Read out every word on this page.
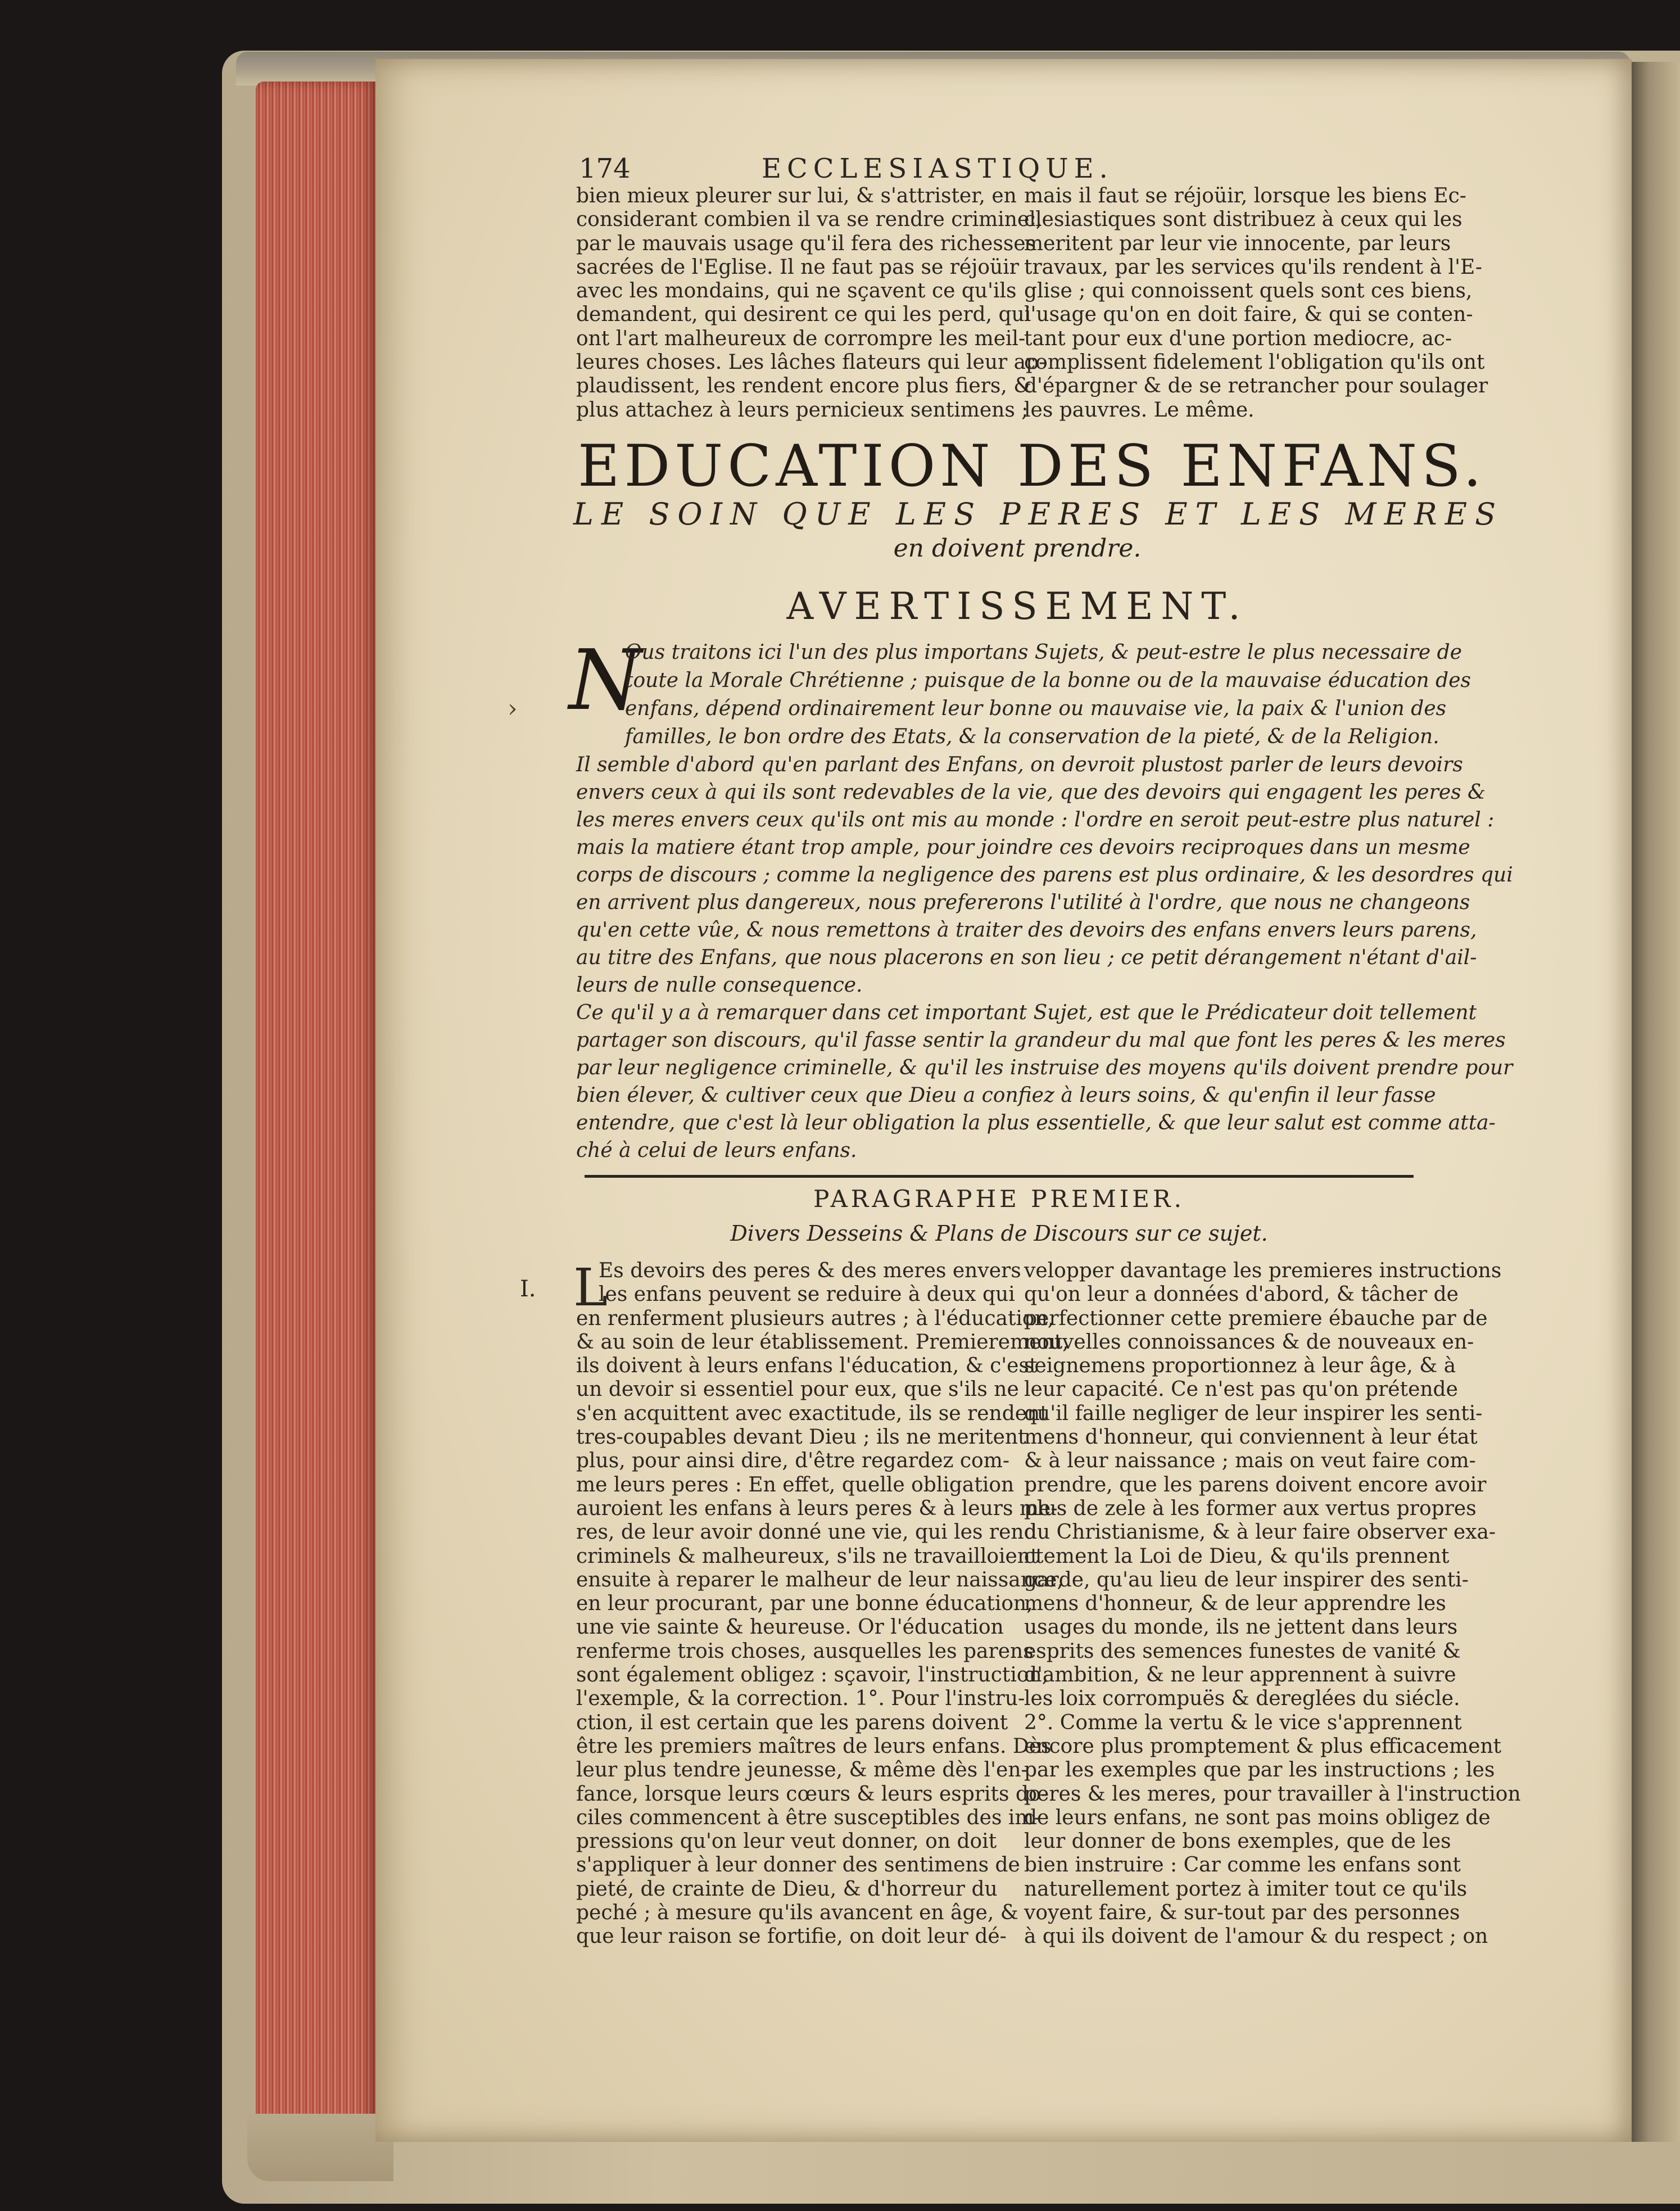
174	ECCLESIASTIQUE.
bien mieux pleurer sur lui, & s'attrister, en
considerant combien il va se rendre criminel,
par le mauvais usage qu'il fera des richesses
sacrées de l'Eglise. Il ne faut pas se réjoüir
avec les mondains, qui ne sçavent ce qu'ils
demandent, qui desirent ce qui les perd, qui
ont l'art malheureux de corrompre les meil-
leures choses. Les lâches flateurs qui leur ap-
plaudissent, les rendent encore plus fiers, &
plus attachez à leurs pernicieux sentimens ;
mais il faut se réjoüir, lorsque les biens Ec-
clesiastiques sont distribuez à ceux qui les
meritent par leur vie innocente, par leurs
travaux, par les services qu'ils rendent à l'E-
glise ; qui connoissent quels sont ces biens,
l'usage qu'on en doit faire, & qui se conten-
tant pour eux d'une portion mediocre, ac-
complissent fidelement l'obligation qu'ils ont
d'épargner & de se retrancher pour soulager
les pauvres. Le même.
EDUCATION DES ENFANS.
LE SOIN QUE LES PERES ET LES MERES
en doivent prendre.
AVERTISSEMENT.
N
›
Ous traitons ici l'un des plus importans Sujets, & peut-estre le plus necessaire de
toute la Morale Chrétienne ; puisque de la bonne ou de la mauvaise éducation des
enfans, dépend ordinairement leur bonne ou mauvaise vie, la paix & l'union des
familles, le bon ordre des Etats, & la conservation de la pieté, & de la Religion.
Il semble d'abord qu'en parlant des Enfans, on devroit plustost parler de leurs devoirs
envers ceux à qui ils sont redevables de la vie, que des devoirs qui engagent les peres &
les meres envers ceux qu'ils ont mis au monde : l'ordre en seroit peut-estre plus naturel :
mais la matiere étant trop ample, pour joindre ces devoirs reciproques dans un mesme
corps de discours ; comme la negligence des parens est plus ordinaire, & les desordres qui
en arrivent plus dangereux, nous prefererons l'utilité à l'ordre, que nous ne changeons
qu'en cette vûe, & nous remettons à traiter des devoirs des enfans envers leurs parens,
au titre des Enfans, que nous placerons en son lieu ; ce petit dérangement n'étant d'ail-
leurs de nulle consequence.
Ce qu'il y a à remarquer dans cet important Sujet, est que le Prédicateur doit tellement
partager son discours, qu'il fasse sentir la grandeur du mal que font les peres & les meres
par leur negligence criminelle, & qu'il les instruise des moyens qu'ils doivent prendre pour
bien élever, & cultiver ceux que Dieu a confiez à leurs soins, & qu'enfin il leur fasse
entendre, que c'est là leur obligation la plus essentielle, & que leur salut est comme atta-
ché à celui de leurs enfans.
PARAGRAPHE PREMIER.
Divers Desseins & Plans de Discours sur ce sujet.
I. L
Es devoirs des peres & des meres envers
les enfans peuvent se reduire à deux qui
en renferment plusieurs autres ; à l'éducation,
& au soin de leur établissement. Premierement,
ils doivent à leurs enfans l'éducation, & c'est
un devoir si essentiel pour eux, que s'ils ne
s'en acquittent avec exactitude, ils se rendent
tres-coupables devant Dieu ; ils ne meritent
plus, pour ainsi dire, d'être regardez com-
me leurs peres : En effet, quelle obligation
auroient les enfans à leurs peres & à leurs me-
res, de leur avoir donné une vie, qui les rend
criminels & malheureux, s'ils ne travailloient
ensuite à reparer le malheur de leur naissance,
en leur procurant, par une bonne éducation,
une vie sainte & heureuse. Or l'éducation
renferme trois choses, ausquelles les parens
sont également obligez : sçavoir, l'instruction,
l'exemple, & la correction. 1°. Pour l'instru-
ction, il est certain que les parens doivent
être les premiers maîtres de leurs enfans. Dès
leur plus tendre jeunesse, & même dès l'en-
fance, lorsque leurs cœurs & leurs esprits do-
ciles commencent à être susceptibles des im-
pressions qu'on leur veut donner, on doit
s'appliquer à leur donner des sentimens de
pieté, de crainte de Dieu, & d'horreur du
peché ; à mesure qu'ils avancent en âge, &
que leur raison se fortifie, on doit leur dé-
velopper davantage les premieres instructions
qu'on leur a données d'abord, & tâcher de
perfectionner cette premiere ébauche par de
nouvelles connoissances & de nouveaux en-
seignemens proportionnez à leur âge, & à
leur capacité. Ce n'est pas qu'on prétende
qu'il faille negliger de leur inspirer les senti-
mens d'honneur, qui conviennent à leur état
& à leur naissance ; mais on veut faire com-
prendre, que les parens doivent encore avoir
plus de zele à les former aux vertus propres
du Christianisme, & à leur faire observer exa-
ctement la Loi de Dieu, & qu'ils prennent
garde, qu'au lieu de leur inspirer des senti-
mens d'honneur, & de leur apprendre les
usages du monde, ils ne jettent dans leurs
esprits des semences funestes de vanité &
d'ambition, & ne leur apprennent à suivre
les loix corrompuës & dereglées du siécle.
2°. Comme la vertu & le vice s'apprennent
encore plus promptement & plus efficacement
par les exemples que par les instructions ; les
peres & les meres, pour travailler à l'instruction
de leurs enfans, ne sont pas moins obligez de
leur donner de bons exemples, que de les
bien instruire : Car comme les enfans sont
naturellement portez à imiter tout ce qu'ils
voyent faire, & sur-tout par des personnes
à qui ils doivent de l'amour & du respect ; on
